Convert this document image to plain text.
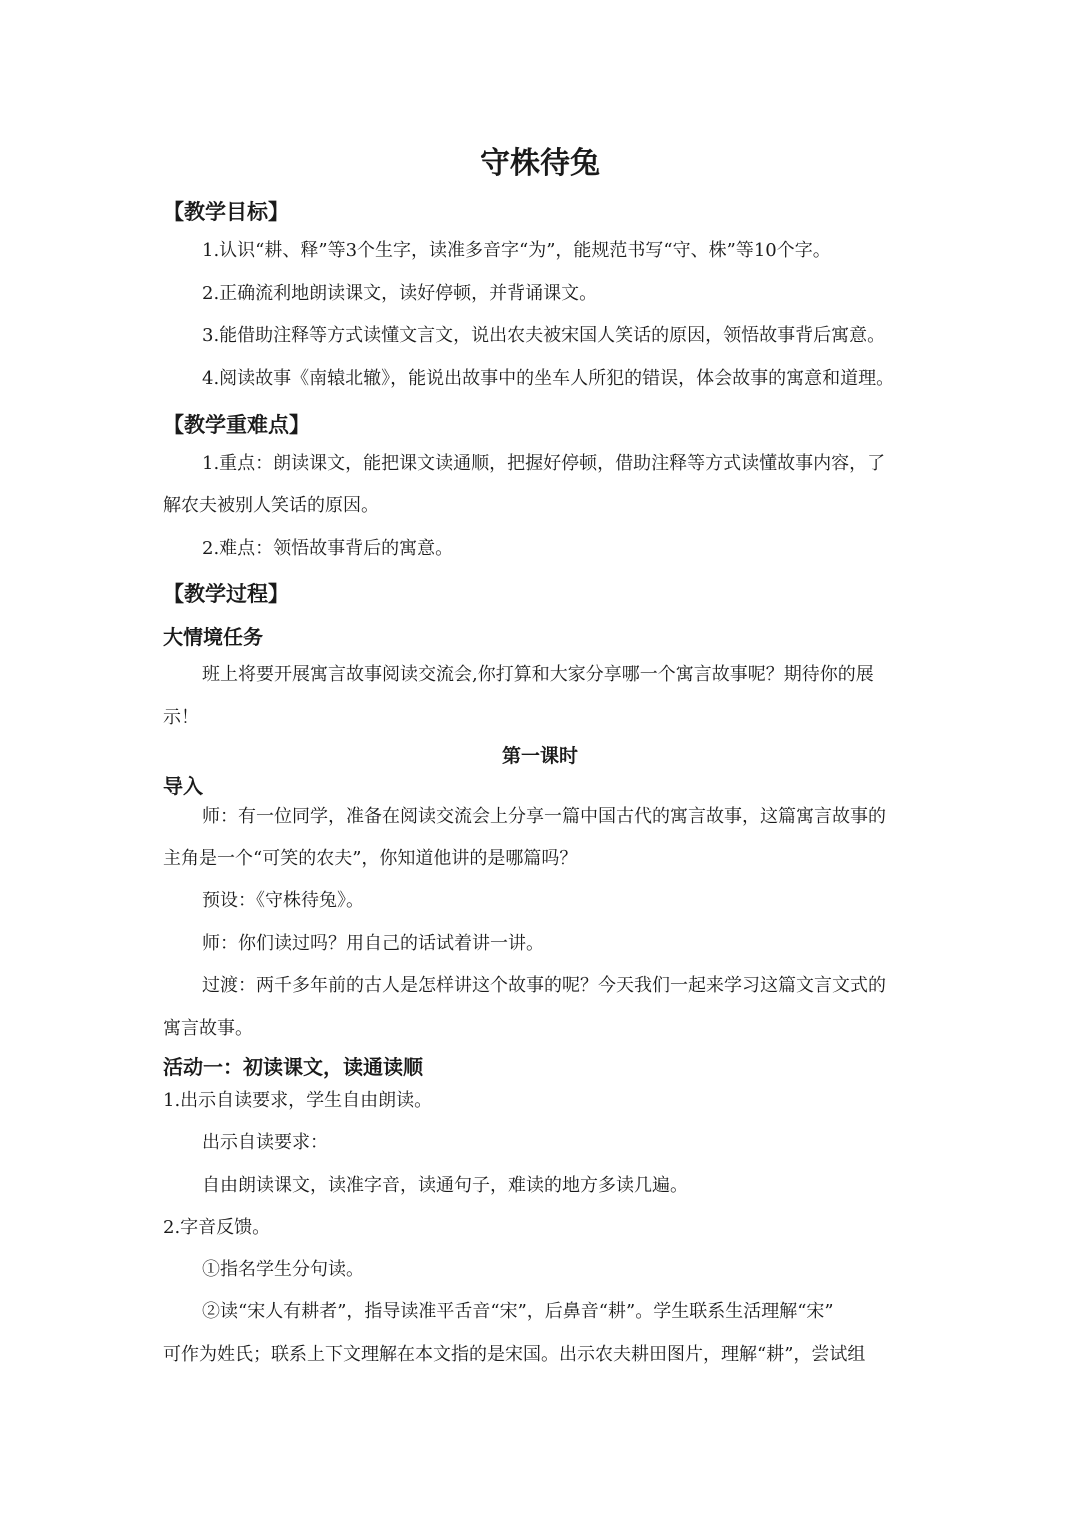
守株待兔
【教学目标】
1.认识“耕、释”等3个生字，读准多音字“为”，能规范书写“守、株”等10个字。
2.正确流利地朗读课文，读好停顿，并背诵课文。
3.能借助注释等方式读懂文言文，说出农夫被宋国人笑话的原因，领悟故事背后寓意。
4.阅读故事《南辕北辙》，能说出故事中的坐车人所犯的错误，体会故事的寓意和道理。
【教学重难点】
1.重点：朗读课文，能把课文读通顺，把握好停顿，借助注释等方式读懂故事内容，了
解农夫被别人笑话的原因。
2.难点：领悟故事背后的寓意。
【教学过程】
大情境任务
班上将要开展寓言故事阅读交流会,你打算和大家分享哪一个寓言故事呢？期待你的展
示！
第一课时
导入
师：有一位同学，准备在阅读交流会上分享一篇中国古代的寓言故事，这篇寓言故事的
主角是一个“可笑的农夫”，你知道他讲的是哪篇吗？
预设：《守株待兔》。
师：你们读过吗？用自己的话试着讲一讲。
过渡：两千多年前的古人是怎样讲这个故事的呢？今天我们一起来学习这篇文言文式的
寓言故事。
活动一：初读课文，读通读顺
1.出示自读要求，学生自由朗读。
出示自读要求：
自由朗读课文，读准字音，读通句子，难读的地方多读几遍。
2.字音反馈。
①指名学生分句读。
②读“宋人有耕者”，指导读准平舌音“宋”，后鼻音“耕”。学生联系生活理解“宋”
可作为姓氏；联系上下文理解在本文指的是宋国。出示农夫耕田图片，理解“耕”，尝试组
